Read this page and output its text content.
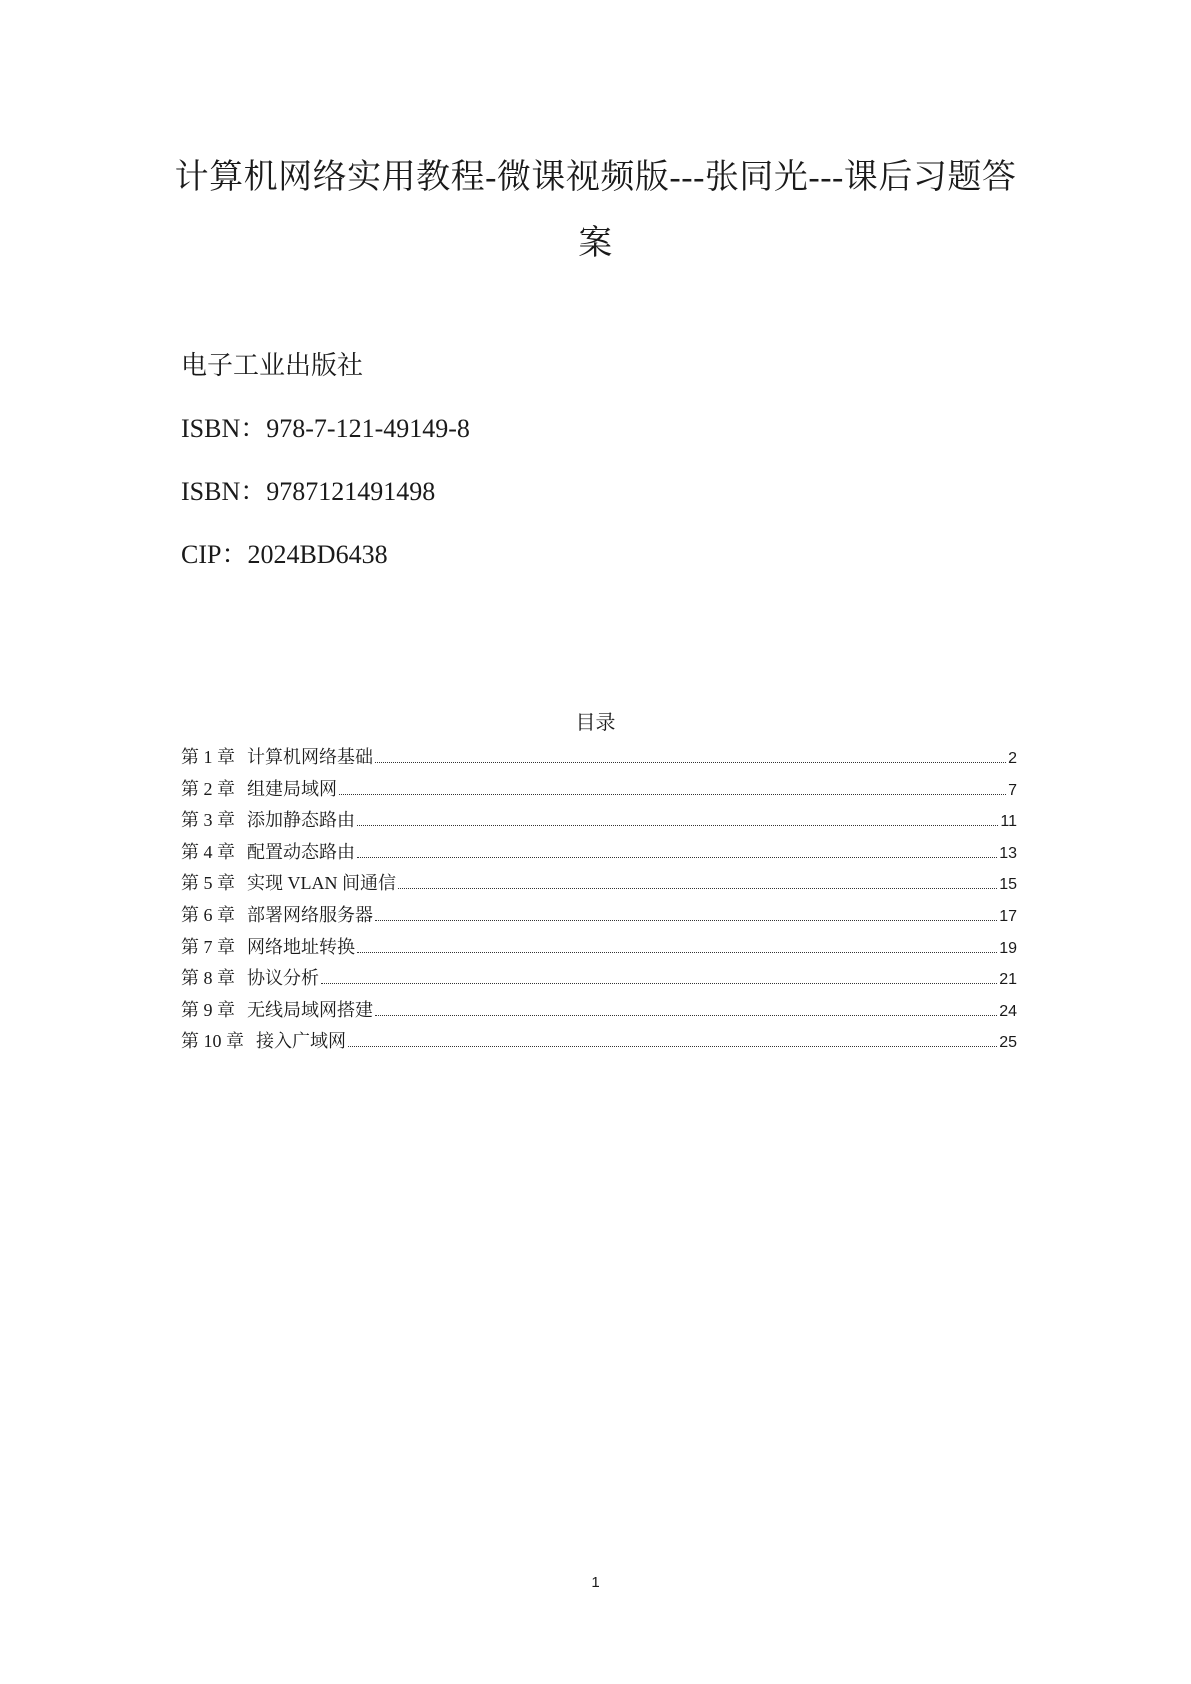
计算机网络实用教程-微课视频版---张同光---课后习题答案
电子工业出版社
ISBN：978-7-121-49149-8
ISBN：9787121491498
CIP：2024BD6438
目录
第 1 章 计算机网络基础	2
第 2 章 组建局域网	7
第 3 章 添加静态路由	11
第 4 章 配置动态路由	13
第 5 章 实现 VLAN 间通信	15
第 6 章 部署网络服务器	17
第 7 章 网络地址转换	19
第 8 章 协议分析	21
第 9 章 无线局域网搭建	24
第 10 章 接入广域网	25
1
